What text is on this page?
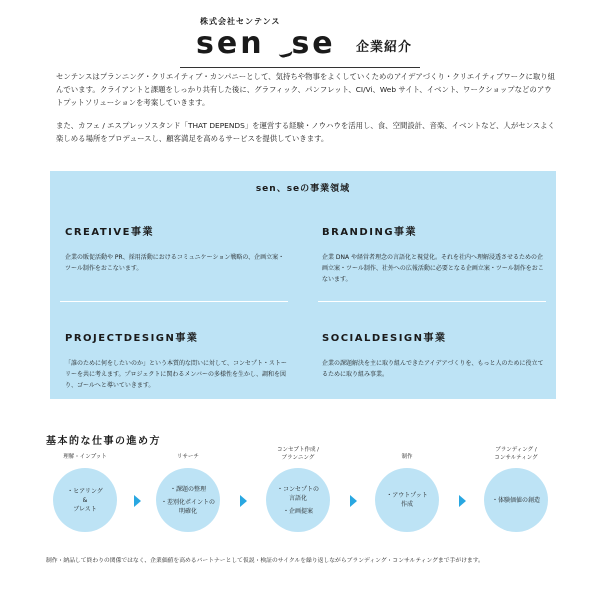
株式会社センテンス
sen  se 企業紹介

センテンスはプランニング・クリエイティブ・カンパニーとして、気持ちや物事をよくしていくためのアイデアづくり・クリエイティブワークに取り組んでいます。クライアントと課題をしっかり共有した後に、グラフィック、パンフレット、CI/Vi、Web サイト、イベント、ワークショップなどのアウトプットソリューションを考案していきます。

また、カフェ / エスプレッソスタンド「THAT DEPENDS」を運営する経験・ノウハウを活用し、食、空間設計、音楽、イベントなど、人がセンスよく楽しめる場所をプロデュースし、顧客満足を高めるサービスを提供していきます。

sen、seの事業領域
CREATIVE事業

企業の販促活動や PR、採用活動におけるコミュニケーション戦略の、企画立案・ツール制作をおこないます。

BRANDING事業

企業 DNA や経営者理念の言語化と視覚化。それを社内へ理解浸透させるための企画立案・ツール制作、社外への広報活動に必要となる企画立案・ツール制作をおこないます。

PROJECTDESIGN事業

「誰のために何をしたいのか」という本質的な問いに対して、コンセプト・ストーリーを共に考えます。プロジェクトに関わるメンバーの多様性を生かし、調和を図り、ゴールへと導いていきます。

SOCIALDESIGN事業

企業の課題解決を主に取り組んできたアイデアづくりを、もっと人のために役立てるために取り組み事業。

基本的な仕事の進め方
理解・インプット
・ヒアリング
&
ブレスト
リサーチ
・課題の整理

・差別化ポイントの
明確化
コンセプト作成 /
ブランニング
・コンセプトの
言語化

・企画提案
制作
・アウトプット
作成
ブランディング /
コンサルティング
・体験価値の創造
制作・納品して終わりの関係ではなく、企業価値を高めるパートナーとして仮説・検証のサイクルを繰り返しながらブランディング・コンサルティングまで手がけます。
